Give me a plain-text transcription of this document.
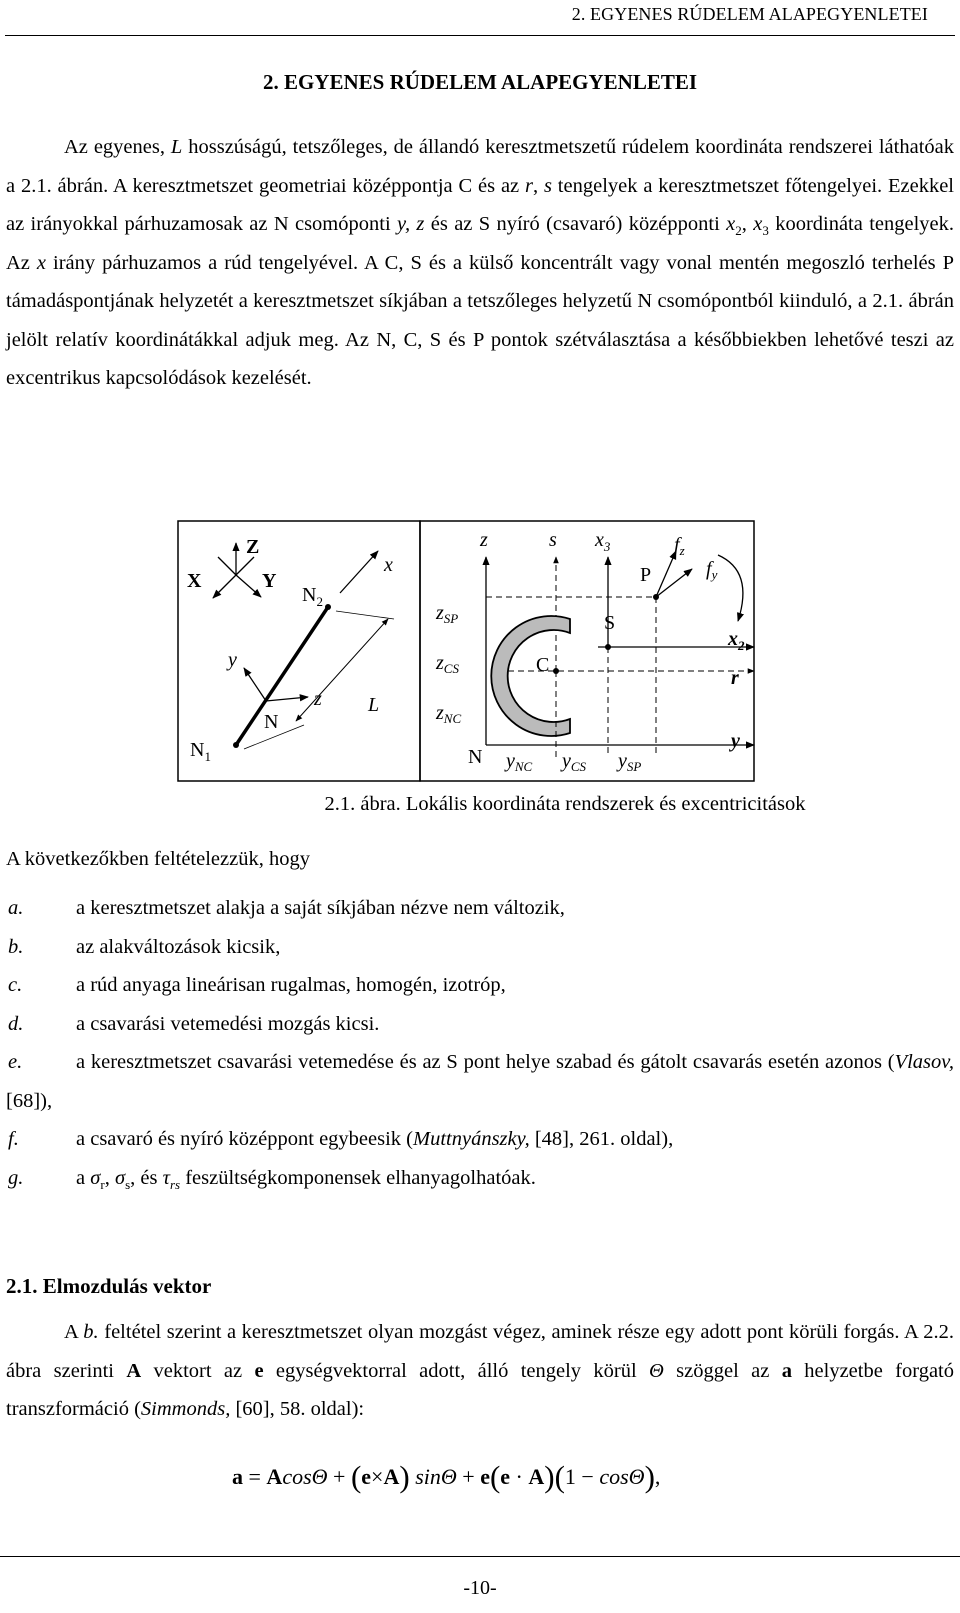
2. EGYENES RÚDELEM ALAPEGYENLETEI
2. EGYENES RÚDELEM ALAPEGYENLETEI

Az egyenes, L hosszúságú, tetszőleges, de állandó keresztmetszetű rúdelem koordináta rendszerei láthatóak a 2.1. ábrán. A keresztmetszet geometriai középpontja C és az r, s tengelyek a keresztmetszet főtengelyei. Ezekkel az irányokkal párhuzamosak az N csomóponti y, z és az S nyíró (csavaró) középponti $x_2$, $x_3$ koordináta tengelyek. Az x irány párhuzamos a rúd tengelyével. A C, S és a külső koncentrált vagy vonal mentén megoszló terhelés P támadáspontjának helyzetét a keresztmetszet síkjában a tetszőleges helyzetű N csomópontból kiinduló, a 2.1. ábrán jelölt relatív koordinátákkal adjuk meg. Az N, C, S és P pontok szétválasztása a későbbiekben lehetővé teszi az excentrikus kapcsolódások kezelését.

Z
X	Y
x
$N_2$
y
z
N
L
$N_1$
z	s $x_3$
$x_2$
r
y
C
S
P
$z_{SP}$
$z_{CS}$
$z_{NC}$
N $y_{NC}$ $y_{CS}$ $y_{SP}$
$f_z$
$f_y$
2.1. ábra. Lokális koordináta rendszerek és excentricitások
A következőkben feltételezzük, hogy
a.	a keresztmetszet alakja a saját síkjában nézve nem változik,
b.	az alakváltozások kicsik,
c.	a rúd anyaga lineárisan rugalmas, homogén, izotróp,
d.	a csavarási vetemedési mozgás kicsi.
e.	a keresztmetszet csavarási vetemedése és az S pont helye szabad és gátolt csavarás esetén azonos (Vlasov, [68]),
f.	a csavaró és nyíró középpont egybeesik (Muttnyánszky, [48], 261. oldal),
g.	a $\sigma_r$, $\sigma_s$, és $\tau_{rs}$ feszültségkomponensek elhanyagolhatóak.
2.1. Elmozdulás vektor

A b. feltétel szerint a keresztmetszet olyan mozgást végez, aminek része egy adott pont körüli forgás. A 2.2. ábra szerinti A vektort az e egységvektorral adott, álló tengely körül Θ szöggel az a helyzetbe forgató transzformáció (Simmonds, [60], 58. oldal):

a = AcosΘ + (e×A) sinΘ + e(e · A)(1 − cosΘ),
-10-
